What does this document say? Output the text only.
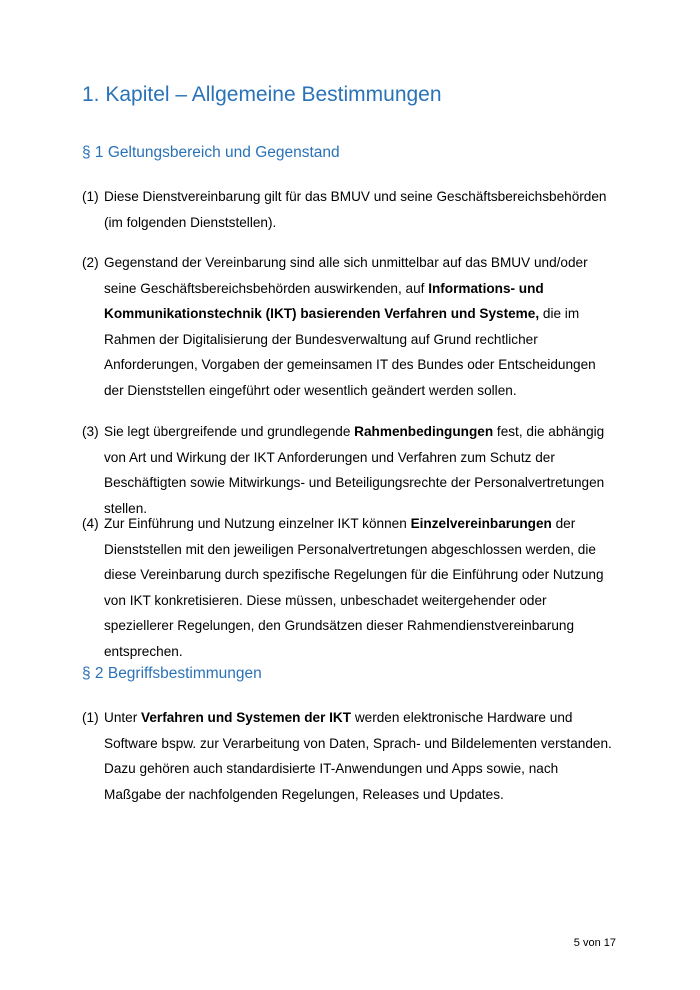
1. Kapitel – Allgemeine Bestimmungen
§ 1 Geltungsbereich und Gegenstand
(1) Diese Dienstvereinbarung gilt für das BMUV und seine Geschäftsbereichsbehörden (im folgenden Dienststellen).
(2) Gegenstand der Vereinbarung sind alle sich unmittelbar auf das BMUV und/oder seine Geschäftsbereichsbehörden auswirkenden, auf Informations- und Kommunikationstechnik (IKT) basierenden Verfahren und Systeme, die im Rahmen der Digitalisierung der Bundesverwaltung auf Grund rechtlicher Anforderungen, Vorgaben der gemeinsamen IT des Bundes oder Entscheidungen der Dienststellen eingeführt oder wesentlich geändert werden sollen.
(3) Sie legt übergreifende und grundlegende Rahmenbedingungen fest, die abhängig von Art und Wirkung der IKT Anforderungen und Verfahren zum Schutz der Beschäftigten sowie Mitwirkungs- und Beteiligungsrechte der Personalvertretungen stellen.
(4) Zur Einführung und Nutzung einzelner IKT können Einzelvereinbarungen der Dienststellen mit den jeweiligen Personalvertretungen abgeschlossen werden, die diese Vereinbarung durch spezifische Regelungen für die Einführung oder Nutzung von IKT konkretisieren. Diese müssen, unbeschadet weitergehender oder speziellerer Regelungen, den Grundsätzen dieser Rahmendienstvereinbarung entsprechen.
§ 2 Begriffsbestimmungen
(1) Unter Verfahren und Systemen der IKT werden elektronische Hardware und Software bspw. zur Verarbeitung von Daten, Sprach- und Bildelementen verstanden. Dazu gehören auch standardisierte IT-Anwendungen und Apps sowie, nach Maßgabe der nachfolgenden Regelungen, Releases und Updates.
5 von 17
